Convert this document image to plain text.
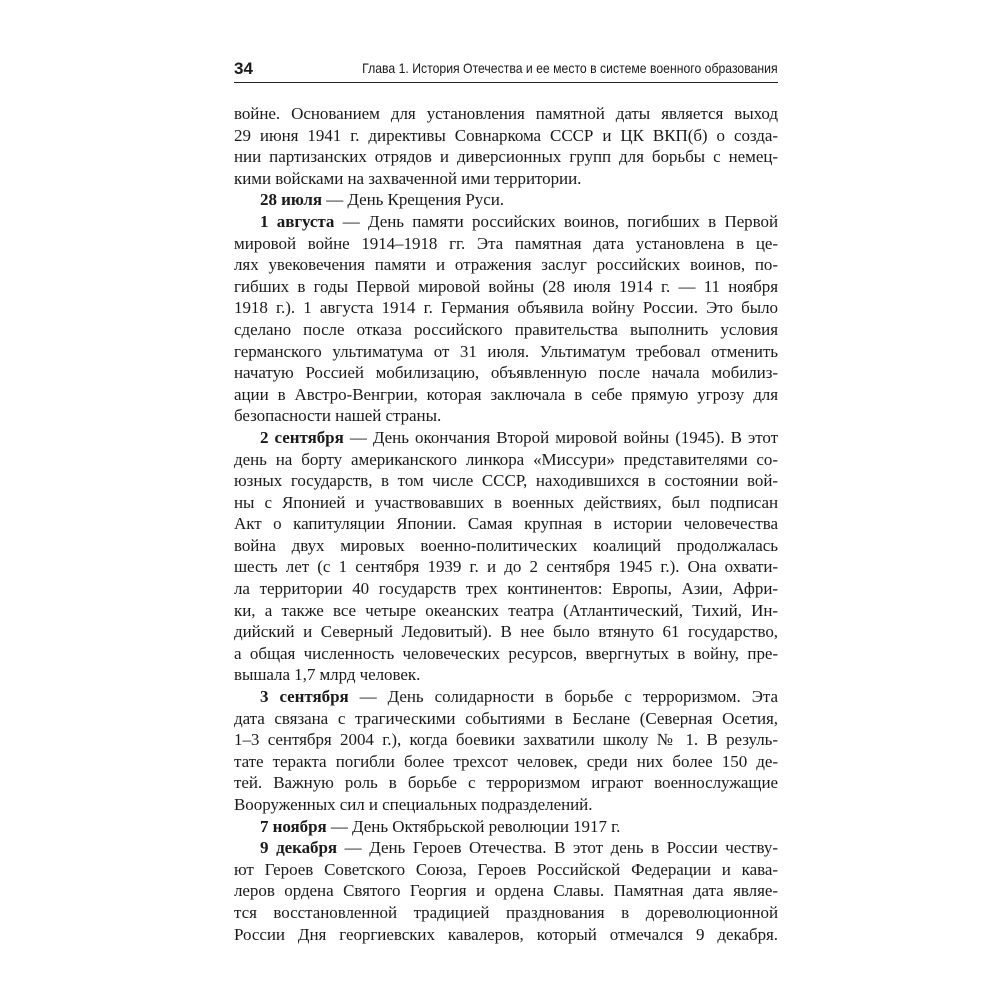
34	Глава 1. История Отечества и ее место в системе военного образования
войне. Основанием для установления памятной даты является выход
29 июня 1941 г. директивы Совнаркома СССР и ЦК ВКП(б) о созда-
нии партизанских отрядов и диверсионных групп для борьбы с немец-
кими войсками на захваченной ими территории.
28 июля — День Крещения Руси.
1 августа — День памяти российских воинов, погибших в Первой
мировой войне 1914–1918 гг. Эта памятная дата установлена в це-
лях увековечения памяти и отражения заслуг российских воинов, по-
гибших в годы Первой мировой войны (28 июля 1914 г. — 11 ноября
1918 г.). 1 августа 1914 г. Германия объявила войну России. Это было
сделано после отказа российского правительства выполнить условия
германского ультиматума от 31 июля. Ультиматум требовал отменить
начатую Россией мобилизацию, объявленную после начала мобилиз-
ации в Австро-Венгрии, которая заключала в себе прямую угрозу для
безопасности нашей страны.
2 сентября — День окончания Второй мировой войны (1945). В этот
день на борту американского линкора «Миссури» представителями со-
юзных государств, в том числе СССР, находившихся в состоянии вой-
ны с Японией и участвовавших в военных действиях, был подписан
Акт о капитуляции Японии. Самая крупная в истории человечества
война двух мировых военно-политических коалиций продолжалась
шесть лет (с 1 сентября 1939 г. и до 2 сентября 1945 г.). Она охвати-
ла территории 40 государств трех континентов: Европы, Азии, Афри-
ки, а также все четыре океанских театра (Атлантический, Тихий, Ин-
дийский и Северный Ледовитый). В нее было втянуто 61 государство,
а общая численность человеческих ресурсов, ввергнутых в войну, пре-
вышала 1,7 млрд человек.
3 сентября — День солидарности в борьбе с терроризмом. Эта
дата связана с трагическими событиями в Беслане (Северная Осетия,
1–3 сентября 2004 г.), когда боевики захватили школу № 1. В резуль-
тате теракта погибли более трехсот человек, среди них более 150 де-
тей. Важную роль в борьбе с терроризмом играют военнослужащие
Вооруженных сил и специальных подразделений.
7 ноября — День Октябрьской революции 1917 г.
9 декабря — День Героев Отечества. В этот день в России честву-
ют Героев Советского Союза, Героев Российской Федерации и кава-
леров ордена Святого Георгия и ордена Славы. Памятная дата являе-
тся восстановленной традицией празднования в дореволюционной
России Дня георгиевских кавалеров, который отмечался 9 декабря.
